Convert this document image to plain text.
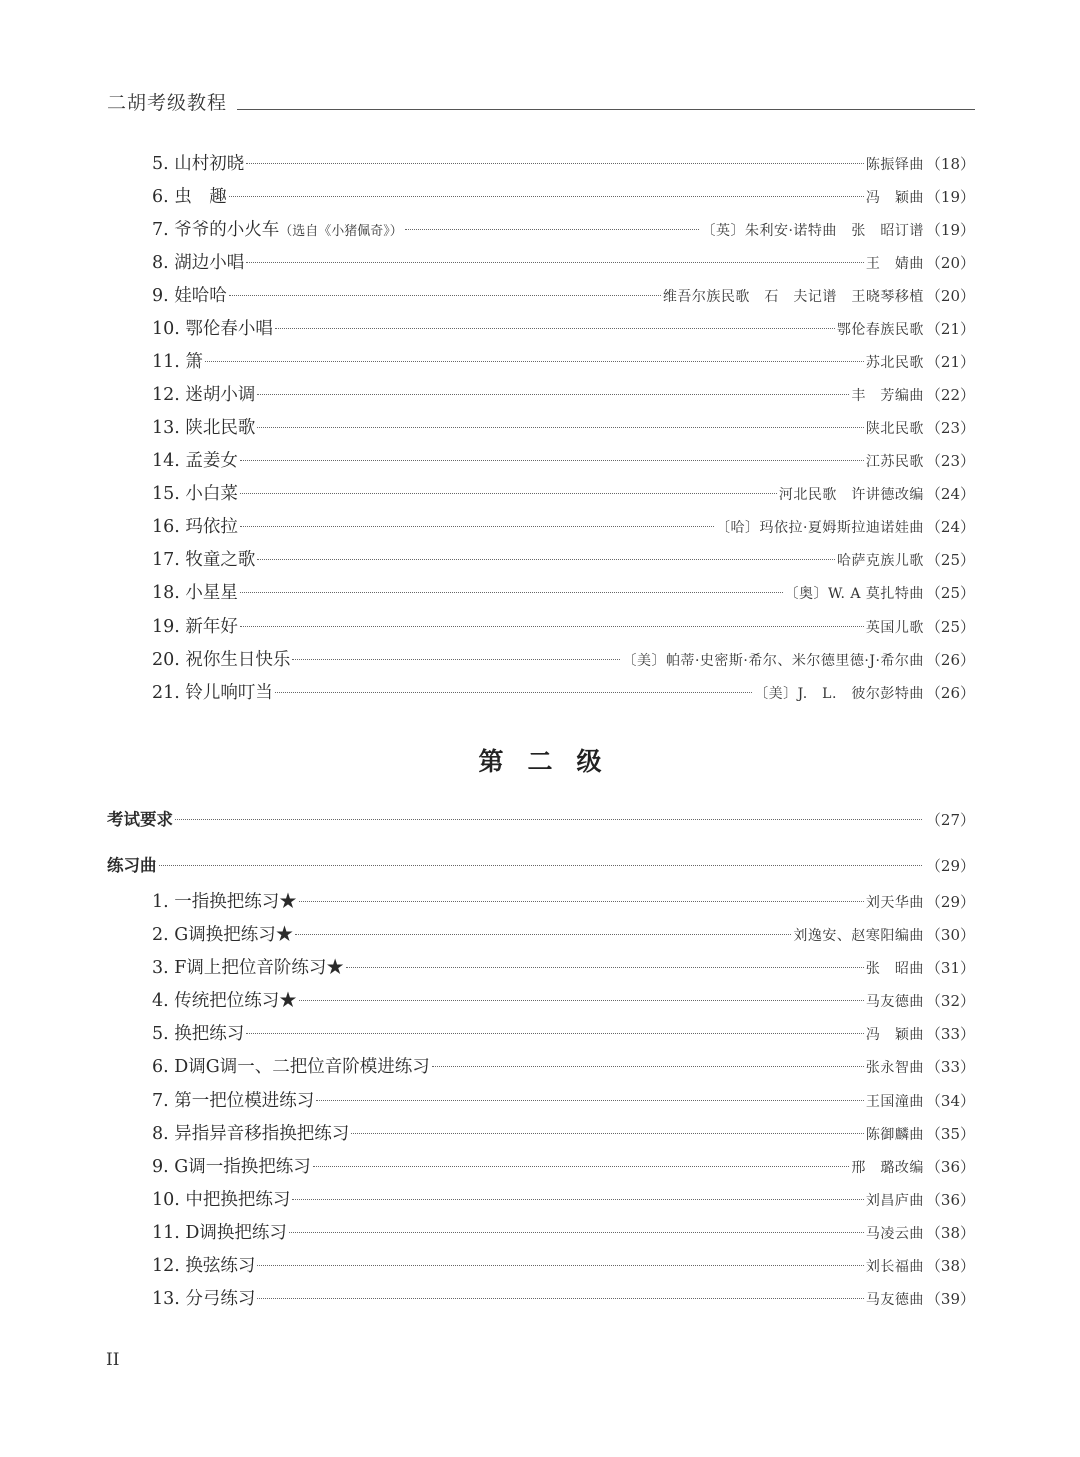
二胡考级教程
5. 山村初晓	陈振铎曲 （18）
6. 虫　趣	冯　颖曲 （19）
7. 爷爷的小火车 （选自《小猪佩奇》）	〔英〕朱利安·诺特曲　张　昭订谱 （19）
8. 湖边小唱	王　婧曲 （20）
9. 娃哈哈	维吾尔族民歌　石　夫记谱　王晓琴移植 （20）
10. 鄂伦春小唱	鄂伦春族民歌 （21）
11. 箫	苏北民歌 （21）
12. 迷胡小调	丰　芳编曲 （22）
13. 陕北民歌	陕北民歌 （23）
14. 孟姜女	江苏民歌 （23）
15. 小白菜	河北民歌　许讲德改编 （24）
16. 玛依拉	〔哈〕玛依拉·夏姆斯拉迪诺娃曲 （24）
17. 牧童之歌	哈萨克族儿歌 （25）
18. 小星星	〔奥〕W. A 莫扎特曲 （25）
19. 新年好	英国儿歌 （25）
20. 祝你生日快乐	〔美〕帕蒂·史密斯·希尔、米尔德里德·J·希尔曲 （26）
21. 铃儿响叮当	〔美〕J.　L.　彼尔彭特曲 （26）
第二级
考试要求	（27）
练习曲	（29）
1. 一指换把练习★	刘天华曲 （29）
2. G调换把练习★	刘逸安、赵寒阳编曲 （30）
3. F调上把位音阶练习★	张　昭曲 （31）
4. 传统把位练习★	马友德曲 （32）
5. 换把练习	冯　颖曲 （33）
6. D调G调一、二把位音阶模进练习	张永智曲 （33）
7. 第一把位模进练习	王国潼曲 （34）
8. 异指异音移指换把练习	陈御麟曲 （35）
9. G调一指换把练习	邢　璐改编 （36）
10. 中把换把练习	刘昌庐曲 （36）
11. D调换把练习	马凌云曲 （38）
12. 换弦练习	刘长福曲 （38）
13. 分弓练习	马友德曲 （39）
II
